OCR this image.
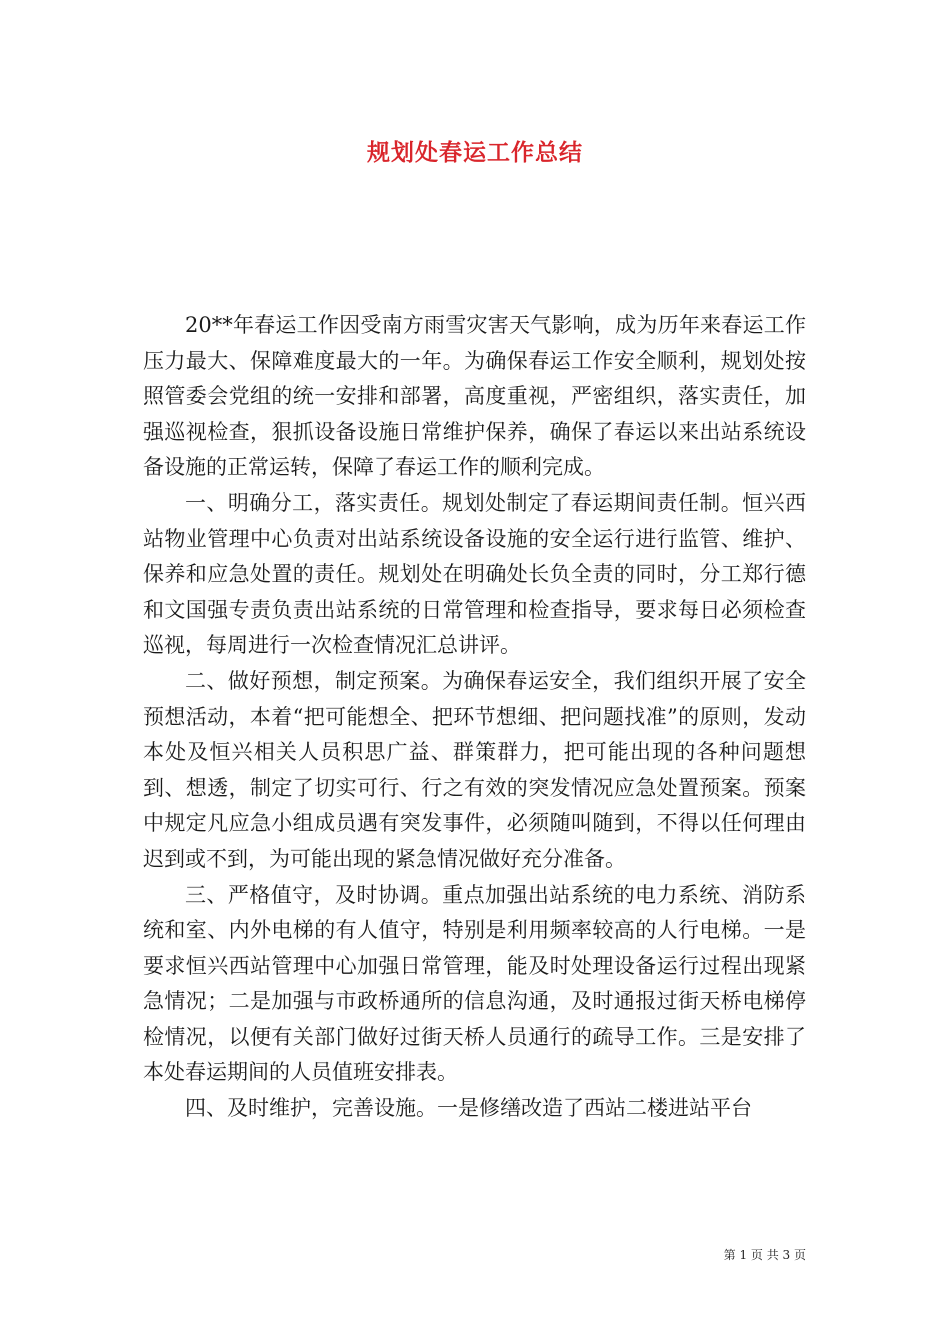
规划处春运工作总结

20**年春运工作因受南方雨雪灾害天气影响，成为历年来春运工作压力最大、保障难度最大的一年。为确保春运工作安全顺利，规划处按照管委会党组的统一安排和部署，高度重视，严密组织，落实责任，加强巡视检查，狠抓设备设施日常维护保养，确保了春运以来出站系统设备设施的正常运转，保障了春运工作的顺利完成。

一、明确分工，落实责任。规划处制定了春运期间责任制。恒兴西站物业管理中心负责对出站系统设备设施的安全运行进行监管、维护、保养和应急处置的责任。规划处在明确处长负全责的同时，分工郑行德和文国强专责负责出站系统的日常管理和检查指导，要求每日必须检查巡视，每周进行一次检查情况汇总讲评。

二、做好预想，制定预案。为确保春运安全，我们组织开展了安全预想活动，本着“把可能想全、把环节想细、把问题找准”的原则，发动本处及恒兴相关人员积思广益、群策群力，把可能出现的各种问题想到、想透，制定了切实可行、行之有效的突发情况应急处置预案。预案中规定凡应急小组成员遇有突发事件，必须随叫随到，不得以任何理由迟到或不到，为可能出现的紧急情况做好充分准备。

三、严格值守，及时协调。重点加强出站系统的电力系统、消防系统和室、内外电梯的有人值守，特别是利用频率较高的人行电梯。一是要求恒兴西站管理中心加强日常管理，能及时处理设备运行过程出现紧急情况；二是加强与市政桥通所的信息沟通，及时通报过街天桥电梯停检情况，以便有关部门做好过街天桥人员通行的疏导工作。三是安排了本处春运期间的人员值班安排表。

四、及时维护，完善设施。一是修缮改造了西站二楼进站平台

第 1 页 共 3 页
